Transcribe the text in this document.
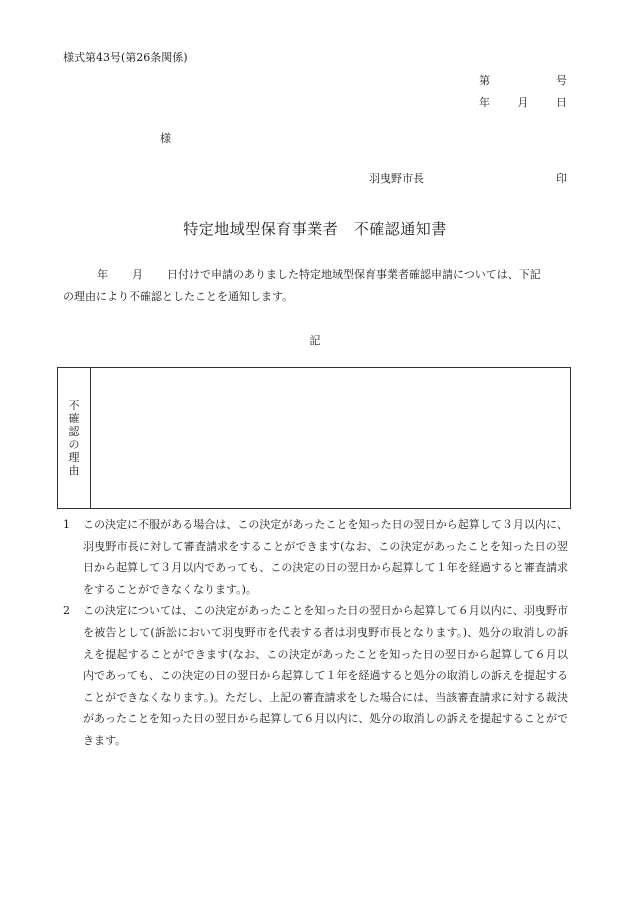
様式第43号(第26条関係)
第	号
年	月	日
様
羽曳野市長	印
特定地域型保育事業者　不確認通知書
年 月 日付けで申請のありました特定地域型保育事業者確認申請については、下記
の理由により不確認としたことを通知します。
記
不
確
認
の
理
由
1	この決定に不服がある場合は、この決定があったことを知った日の翌日から起算して３月以内に、羽曳野市長に対して審査請求をすることができます(なお、この決定があったことを知った日の翌日から起算して３月以内であっても、この決定の日の翌日から起算して１年を経過すると審査請求をすることができなくなります。)。
2	この決定については、この決定があったことを知った日の翌日から起算して６月以内に、羽曳野市を被告として(訴訟において羽曳野市を代表する者は羽曳野市長となります。)、処分の取消しの訴えを提起することができます(なお、この決定があったことを知った日の翌日から起算して６月以内であっても、この決定の日の翌日から起算して１年を経過すると処分の取消しの訴えを提起することができなくなります。)。ただし、上記の審査請求をした場合には、当該審査請求に対する裁決があったことを知った日の翌日から起算して６月以内に、処分の取消しの訴えを提起することができます。
